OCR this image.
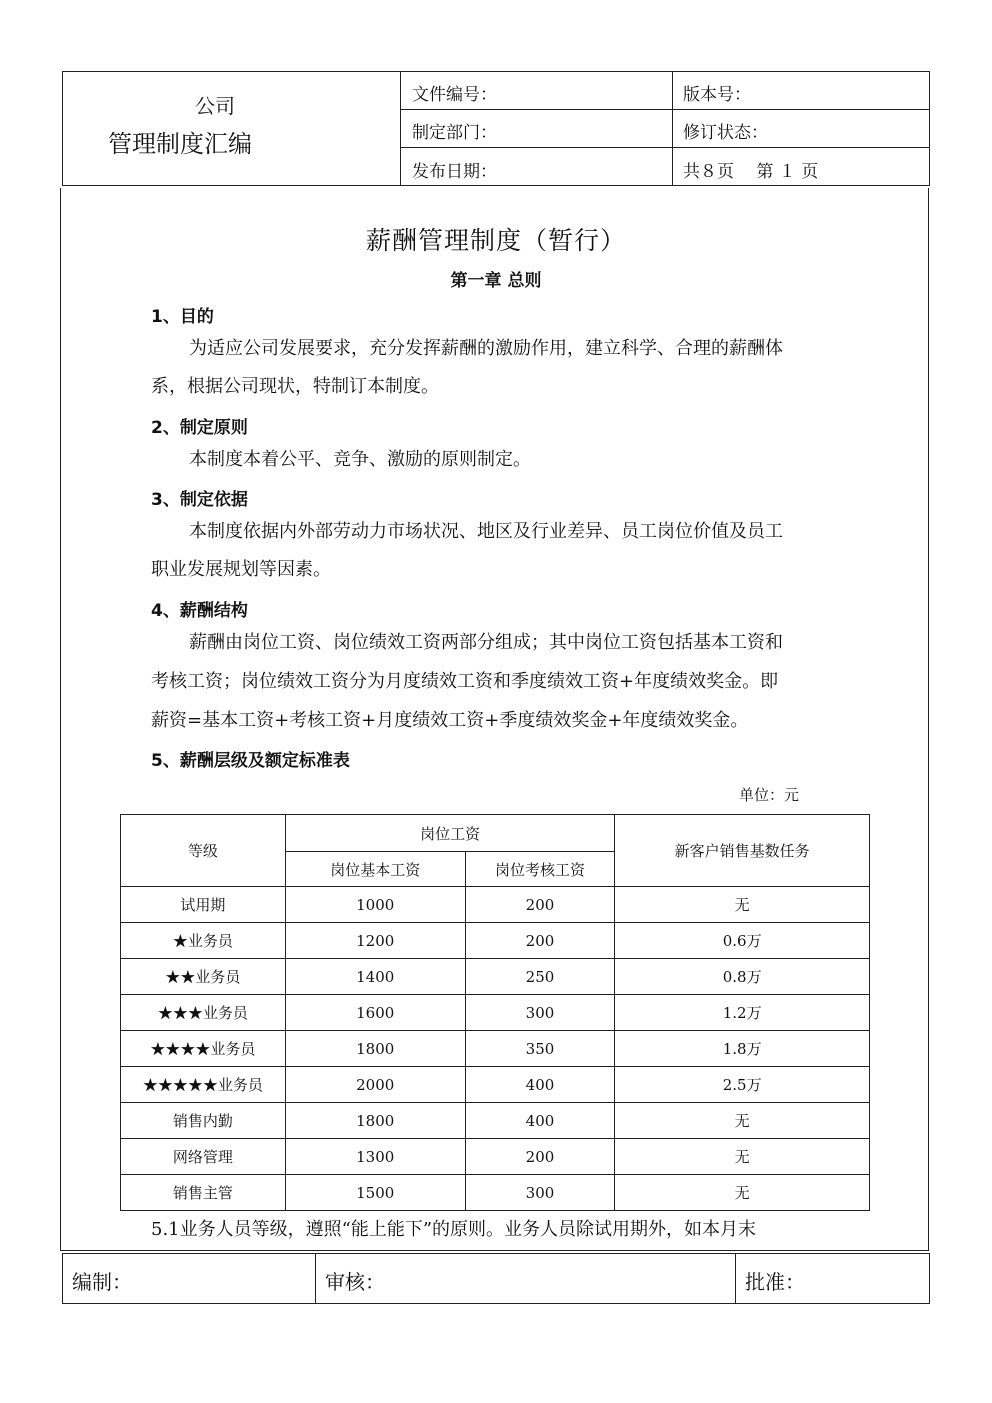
公司
管理制度汇编
文件编号：	版本号：
制定部门：	修订状态：
发布日期：	共８页　 第 １ 页
薪酬管理制度（暂行）
第一章 总则
1、目的
为适应公司发展要求，充分发挥薪酬的激励作用，建立科学、合理的薪酬体
系，根据公司现状，特制订本制度。
2、制定原则
本制度本着公平、竞争、激励的原则制定。
3、制定依据
本制度依据内外部劳动力市场状况、地区及行业差异、员工岗位价值及员工
职业发展规划等因素。
4、薪酬结构
薪酬由岗位工资、岗位绩效工资两部分组成；其中岗位工资包括基本工资和
考核工资；岗位绩效工资分为月度绩效工资和季度绩效工资+年度绩效奖金。即
薪资=基本工资+考核工资+月度绩效工资+季度绩效奖金+年度绩效奖金。
5、薪酬层级及额定标准表
单位：元
等级	岗位工资		新客户销售基数任务
	岗位基本工资	岗位考核工资	
试用期	1000	200	无
★业务员	1200	200	0.6万
★★业务员	1400	250	0.8万
★★★业务员	1600	300	1.2万
★★★★业务员	1800	350	1.8万
★★★★★业务员	2000	400	2.5万
销售内勤	1800	400	无
网络管理	1300	200	无
销售主管	1500	300	无
5.1业务人员等级，遵照“能上能下”的原则。业务人员除试用期外，如本月末
编制：	审核：	批准：
